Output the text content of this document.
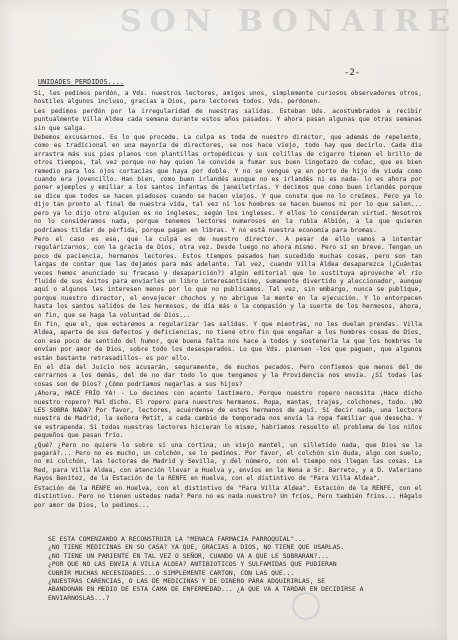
SON BONAIRE
-2-
UNIDADES PERDIDOS....

Si, les pedimos perdón, a Vds. nuestros lectores, amigos unos, simplemente curiosos observadores otros, hostiles algunos incluso, gracias a Dios, pero lectores todos. Vds. perdonen.

Les pedimos perdón por la irregularidad de nuestras salidas. Esteban Uds. acostumbrados a recibir puntualmente Villa Aldea cada semana durante estos años pasados. Y ahora pasan algunas que otras semanas sin que salga.

Debemos excusarnos. Es lo que procede. La culpa es toda de nuestro director, que además de repelente, como es tradicional en una mayoría de directores, se nos hace viejo, todo hay que decirlo. Cada día arrastra más sus pies planos con plantillas ortopédicas y sus colillas de cigarro tienen el brillo de otros tiempos, tal vez porque no hay quien le convide a fumar sus buen lingotazo de coñac, que es bien remedio para los ojos cortacías que haya por doble. Y no se vengue ya en porto de hijo de viuda como cuando era jovencillo. Han bien, como buen irlandés aunque no es irlandés ni es nada- lo es ahora por poner ejemplos y emiliar a los santos infantas de janeiletrías. Y decimos que como buen irlandés porque se dice que todos se hacen piadosos cuando se hacen viejos. Y que conste que no lo creímos. Pero ya lo dijo tan pronto al final de nuestra vida, tal vez ni los hombres se hacen buenos ni por lo que salen... pero ya lo dijo otro alguien es no ingleses, según los ingleses. Y ellos lo consideran virtud. Nosotros no lo consideramos nada, porque tenemos lectores numerosos en la rubia Albión, a la que quieren podríamos tildar de pérfida, porque pagan en libras. Y no está nuestra economía para bromas.

Pero el caso es ese, que la culpa es de nuestro director. A pesar de ello vamos a intentar regularizarnos, con la gracia de Dios, otra vez. Desde luego no ahora mismo. Pero sí en breve. Tengan un poco de paciencia, hermanos lectores. Estos tiempos pasados han sucedido muchas cosas, pero son tan largas de contar que las dejamos para más adelante. Tal vez, cuando Villa Aldea desaparezca (¿Cuántas veces hemos anunciado su fracaso y desaparición?) algún editorial que lo sustituya aproveche el río fluido de sus éxitos para enviarles un libro interesantísimo, sumamente divertido y aleccionador, aunque aquí o algunos les interesen menos por lo que no publicamos. Tal vez, sin embargo, nunca se publique, porque nuestro director, el envejecer chochos y no abrigue la mente en la ejecución. Y lo entorpecen hasta los santos salidos de los hermosos, de día más o la compasión y la suerte de los hermosos, ahora, en fin, que se haga la voluntad de Dios...

En fin, que el, que estaremos a regularizar las salidas. Y que mientras, no les duelan prendas. Villa Aldea, aparte de sus defectos y deficiencias, no tiene otro fin que engañar a los hombres cosas de Dios, con ese poco de sentido del humor, que buena falta nos hace a todos y sostenerla la que los hombres le envían por amor de Dios, sobre todo los desesperados. Lo que Vds. piensen -los que paguen, que algunos están bastante retrasadillos- es por ello.

En el día del Juicio nos acusarán, seguramente, de muchos pecados. Pero confiemos que menos del de cerrarnos a los demás, del de no dar todo lo que tengamos y la Providencia nos envía. ¿Sí todas las cosas son de Dios? ¿Cómo podríamos negarlas a sus hijos?

¡Ahora, HACE FRÍO YA! - Lo decimos con acento lastimero. Porque nuestro ropero necesita ¡Hace dicho nuestro ropero? Mal dicho. El ropero para nuestros hermanos. Ropa, mantas, trajes, colchones, todo. ¡NO LES SOBRA NADA? Por favor, lectores, acuérdense de estos hermanos de aquí. Si decir nada, una lectora nuestra de Madrid, la señora Petit, a cada cambio de temporada nos envía la ropa familiar que desecha. Y se estrapenda. Si todas nuestras lectores hicieran lo mismo, habríamos resuelto el problema de los niños pequeños que pasan frío.

¿Qué? ¿Pero no quiere lo sobre si una cortina, un viejo mantel, un silletido nada, que Dios se la pagará?... Pero no es mucho, un colchón, se lo pedimos. Por favor, el colchón sin duda, algo con suelo, no mi colchón, las lectoras de Madrid y Sevilla, y del número, con el tiempo nos llegan las cosas. La Red, para Villa Aldea, con atención llevar a Huelva y, envíos en la Nena a Sr. Barreto, y a D. Valeriano Rayos Benítez, de la Estación de la RENFE en Huelva, con el distintivo de "Para Villa Aldea".

Estación de la RENFE en Huelva, con el distintivo de "Para Villa Aldea". Estación de la RENFE, con el distintivo. Pero no tienen ustedes nada? Pero no es nada nuestro? Un fríos, Pero también fríos... Hágalo por amor de Dios, lo pedimos...

SE ESTA COMENZANDO A RECONSTRUIR LA "MENACA FARMACIA PARROQUIAL"...
¿NO TIENE MEDICINAS EN SU CASA? YA QUE, GRACIAS A DIOS, NO TIENE QUE USARLAS.
¿NO TIENE UN PARIENTE EN TAL VEZ O SEÑOR, CUANDO VA A QUE LE SOBRARAN?...
¿POR QUE NO LAS ENVIA A VILLA ALDEA? ANTIBIOTICOS Y SULFAMIDAS QUE PUDIERAN
CUBRIR MUCHAS NECESIDADES...O SIMPLEMENTE CARTON, CON LAS QUE...
¿NUESTRAS CARENCIAS, O LAS DE MEDICINAS Y DE DINERO PARA ADQUIRIRLAS, SE
ABANDONAN EN MEDIO DE ESTA CAMA DE ENFERMEDAD... ¿A QUE VA A TARDAR EN DECIDIRSE A ENVIARNOSLAS...?
